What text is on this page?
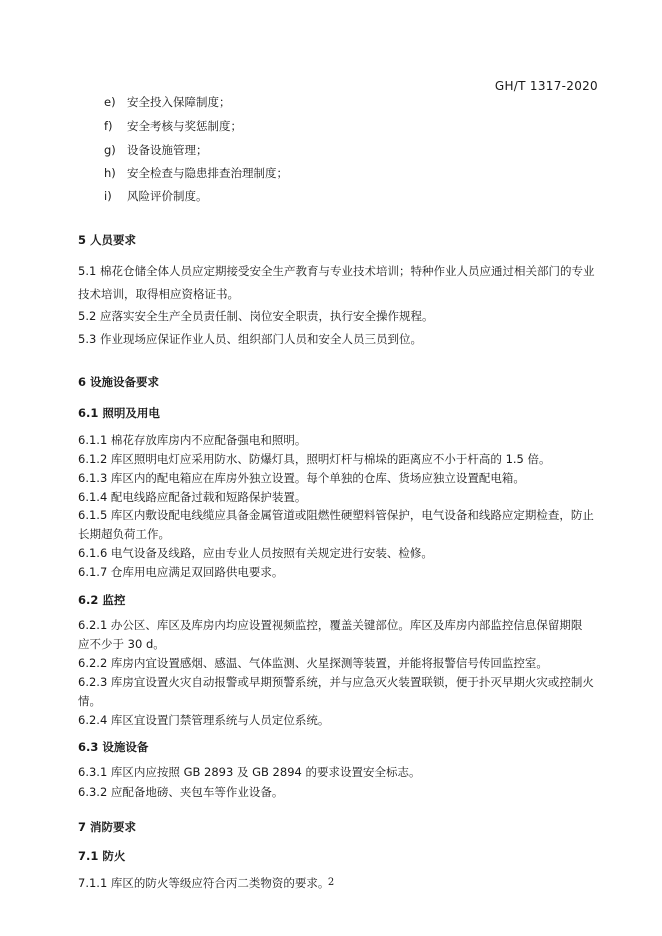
GH/T 1317-2020
e) 安全投入保障制度；
f) 安全考核与奖惩制度；
g) 设备设施管理；
h) 安全检查与隐患排查治理制度；
i) 风险评价制度。
5 人员要求
5.1 棉花仓储全体人员应定期接受安全生产教育与专业技术培训；特种作业人员应通过相关部门的专业
技术培训，取得相应资格证书。
5.2 应落实安全生产全员责任制、岗位安全职责，执行安全操作规程。
5.3 作业现场应保证作业人员、组织部门人员和安全人员三员到位。
6 设施设备要求
6.1 照明及用电
6.1.1 棉花存放库房内不应配备强电和照明。
6.1.2 库区照明电灯应采用防水、防爆灯具，照明灯杆与棉垛的距离应不小于杆高的 1.5 倍。
6.1.3 库区内的配电箱应在库房外独立设置。每个单独的仓库、货场应独立设置配电箱。
6.1.4 配电线路应配备过载和短路保护装置。
6.1.5 库区内敷设配电线缆应具备金属管道或阻燃性硬塑料管保护，电气设备和线路应定期检查，防止
长期超负荷工作。
6.1.6 电气设备及线路，应由专业人员按照有关规定进行安装、检修。
6.1.7 仓库用电应满足双回路供电要求。
6.2 监控
6.2.1 办公区、库区及库房内均应设置视频监控，覆盖关键部位。库区及库房内部监控信息保留期限
应不少于 30 d。
6.2.2 库房内宜设置感烟、感温、气体监测、火星探测等装置，并能将报警信号传回监控室。
6.2.3 库房宜设置火灾自动报警或早期预警系统，并与应急灭火装置联锁，便于扑灭早期火灾或控制火
情。
6.2.4 库区宜设置门禁管理系统与人员定位系统。
6.3 设施设备
6.3.1 库区内应按照 GB 2893 及 GB 2894 的要求设置安全标志。
6.3.2 应配备地磅、夹包车等作业设备。
7 消防要求
7.1 防火
7.1.1 库区的防火等级应符合丙二类物资的要求。
2
